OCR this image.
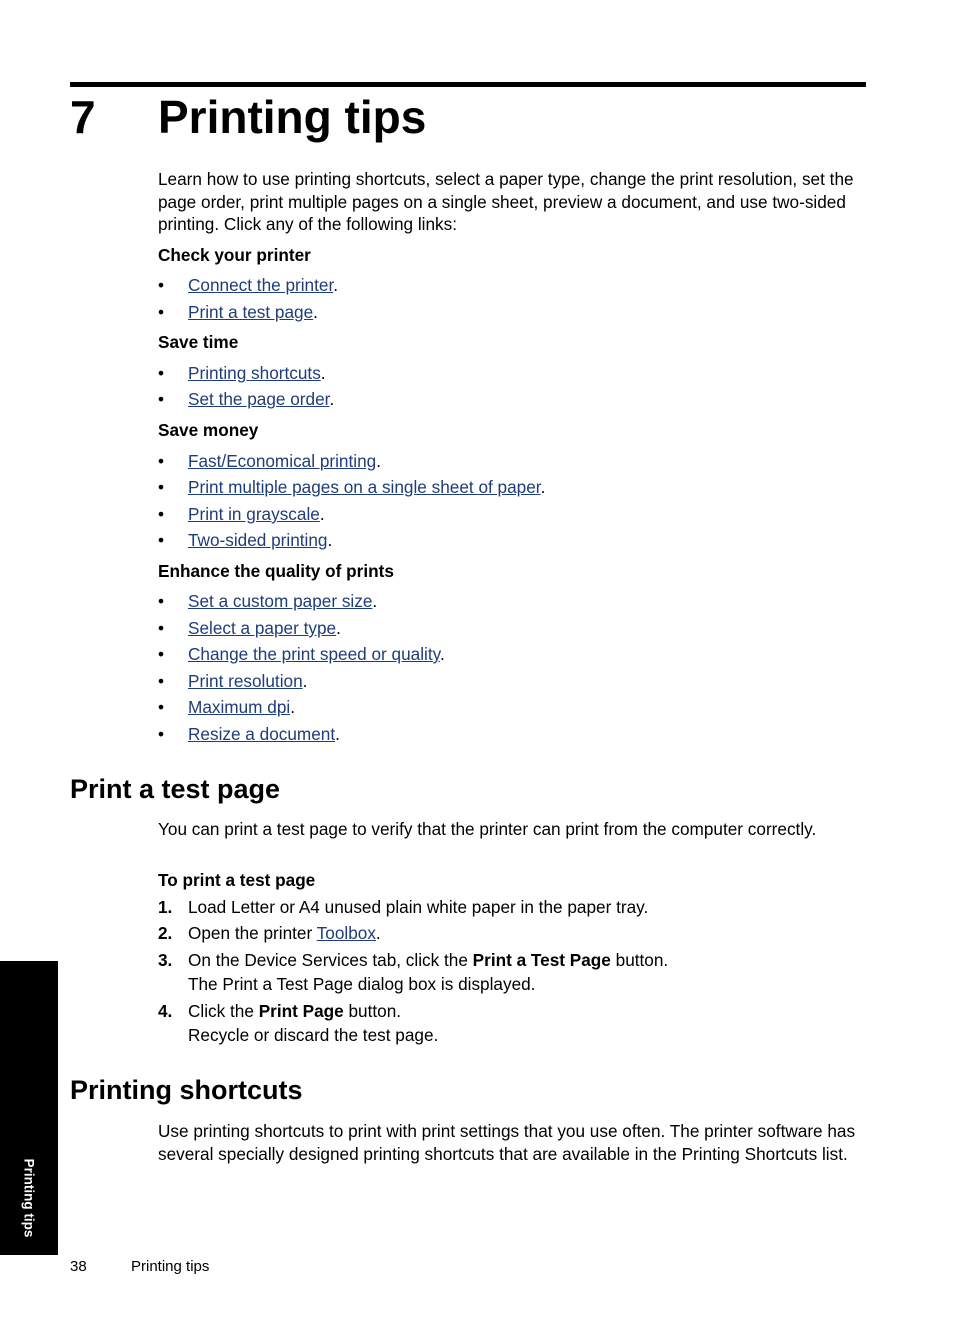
7 Printing tips

Learn how to use printing shortcuts, select a paper type, change the print resolution, set the page order, print multiple pages on a single sheet, preview a document, and use two-sided printing. Click any of the following links:

Check your printer
• Connect the printer.
• Print a test page.
Save time
• Printing shortcuts.
• Set the page order.
Save money
• Fast/Economical printing.
• Print multiple pages on a single sheet of paper.
• Print in grayscale.
• Two-sided printing.
Enhance the quality of prints
• Set a custom paper size.
• Select a paper type.
• Change the print speed or quality.
• Print resolution.
• Maximum dpi.
• Resize a document.
Print a test page

You can print a test page to verify that the printer can print from the computer correctly.

To print a test page
1. Load Letter or A4 unused plain white paper in the paper tray.
2. Open the printer Toolbox.
3. On the Device Services tab, click the Print a Test Page button.
The Print a Test Page dialog box is displayed.
4. Click the Print Page button.
Recycle or discard the test page.
Printing shortcuts

Use printing shortcuts to print with print settings that you use often. The printer software has several specially designed printing shortcuts that are available in the Printing Shortcuts list.

Printing tips
38	Printing tips
